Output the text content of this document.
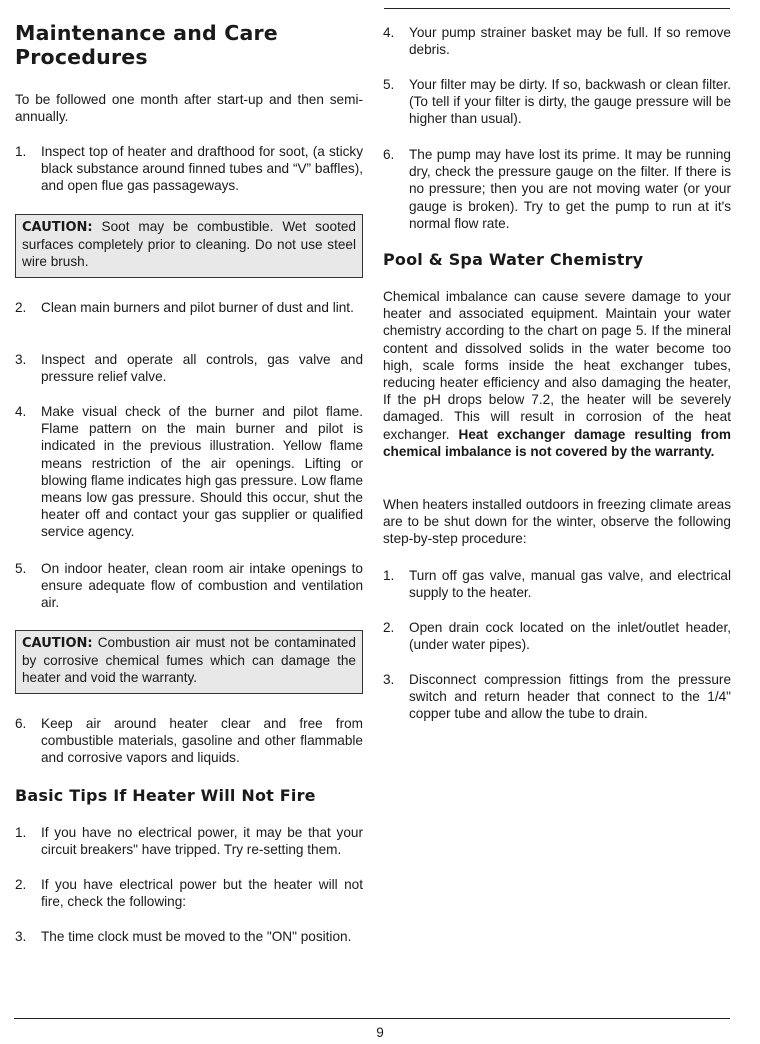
Maintenance and Care
Procedures

To be followed one month after start-up and then semi-annually.

1.	Inspect top of heater and drafthood for soot, (a sticky black substance around finned tubes and “V” baffles), and open flue gas passageways.
CAUTION: Soot may be combustible. Wet sooted surfaces completely prior to cleaning. Do not use steel wire brush.
2.	Clean main burners and pilot burner of dust and lint.
3.	Inspect and operate all controls, gas valve and pressure relief valve.
4.	Make visual check of the burner and pilot flame. Flame pattern on the main burner and pilot is indicated in the previous illustration. Yellow flame means restriction of the air openings. Lifting or blowing flame indicates high gas pressure. Low flame means low gas pressure. Should this occur, shut the heater off and contact your gas supplier or qualified service agency.
5.	On indoor heater, clean room air intake openings to ensure adequate flow of combustion and ventilation air.
CAUTION: Combustion air must not be contaminated by corrosive chemical fumes which can damage the heater and void the warranty.
6.	Keep air around heater clear and free from combustible materials, gasoline and other flammable and corrosive vapors and liquids.
Basic Tips If Heater Will Not Fire
1.	If you have no electrical power, it may be that your circuit breakers" have tripped. Try re-setting them.
2.	If you have electrical power but the heater will not fire, check the following:
3.	The time clock must be moved to the "ON" position.
4.	Your pump strainer basket may be full. If so remove debris.
5.	Your filter may be dirty. If so, backwash or clean filter. (To tell if your filter is dirty, the gauge pressure will be higher than usual).
6.	The pump may have lost its prime. It may be running dry, check the pressure gauge on the filter. If there is no pressure; then you are not moving water (or your gauge is broken). Try to get the pump to run at it's normal flow rate.
Pool & Spa Water Chemistry

Chemical imbalance can cause severe damage to your heater and associated equipment. Maintain your water chemistry according to the chart on page 5. If the mineral content and dissolved solids in the water become too high, scale forms inside the heat exchanger tubes, reducing heater efficiency and also damaging the heater, If the pH drops below 7.2, the heater will be severely damaged. This will result in corrosion of the heat exchanger. Heat exchanger damage resulting from chemical imbalance is not covered by the warranty.

When heaters installed outdoors in freezing climate areas are to be shut down for the winter, observe the following step-by-step procedure:

1.	Turn off gas valve, manual gas valve, and electrical supply to the heater.
2.	Open drain cock located on the inlet/outlet header, (under water pipes).
3.	Disconnect compression fittings from the pressure switch and return header that connect to the 1/4" copper tube and allow the tube to drain.
9
